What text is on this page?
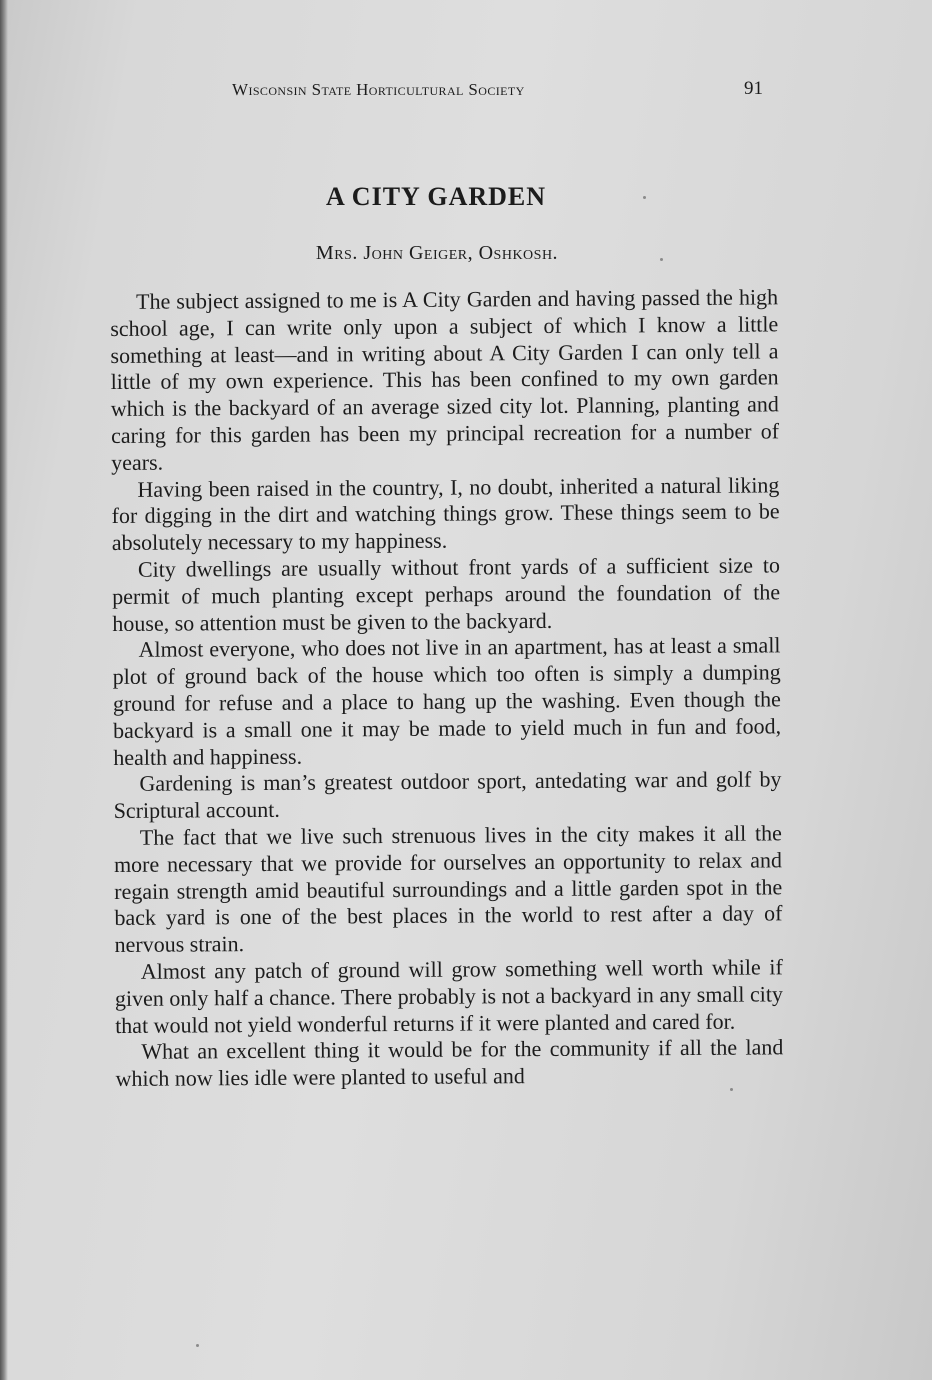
Wisconsin State Horticultural Society	91
A CITY GARDEN
Mrs. John Geiger, Oshkosh.

The subject assigned to me is A City Garden and having passed the high school age, I can write only upon a subject of which I know a little something at least—and in writing about A City Garden I can only tell a little of my own experience. This has been confined to my own garden which is the backyard of an average sized city lot. Planning, planting and caring for this garden has been my principal recreation for a number of years.

Having been raised in the country, I, no doubt, inherited a natural liking for digging in the dirt and watching things grow. These things seem to be absolutely necessary to my happiness.

City dwellings are usually without front yards of a sufficient size to permit of much planting except perhaps around the foundation of the house, so attention must be given to the backyard.

Almost everyone, who does not live in an apartment, has at least a small plot of ground back of the house which too often is simply a dumping ground for refuse and a place to hang up the washing. Even though the backyard is a small one it may be made to yield much in fun and food, health and happiness.

Gardening is man’s greatest outdoor sport, antedating war and golf by Scriptural account.

The fact that we live such strenuous lives in the city makes it all the more necessary that we provide for ourselves an opportunity to relax and regain strength amid beautiful surroundings and a little garden spot in the back yard is one of the best places in the world to rest after a day of nervous strain.

Almost any patch of ground will grow something well worth while if given only half a chance. There probably is not a backyard in any small city that would not yield wonderful returns if it were planted and cared for.

What an excellent thing it would be for the community if all the land which now lies idle were planted to useful and
